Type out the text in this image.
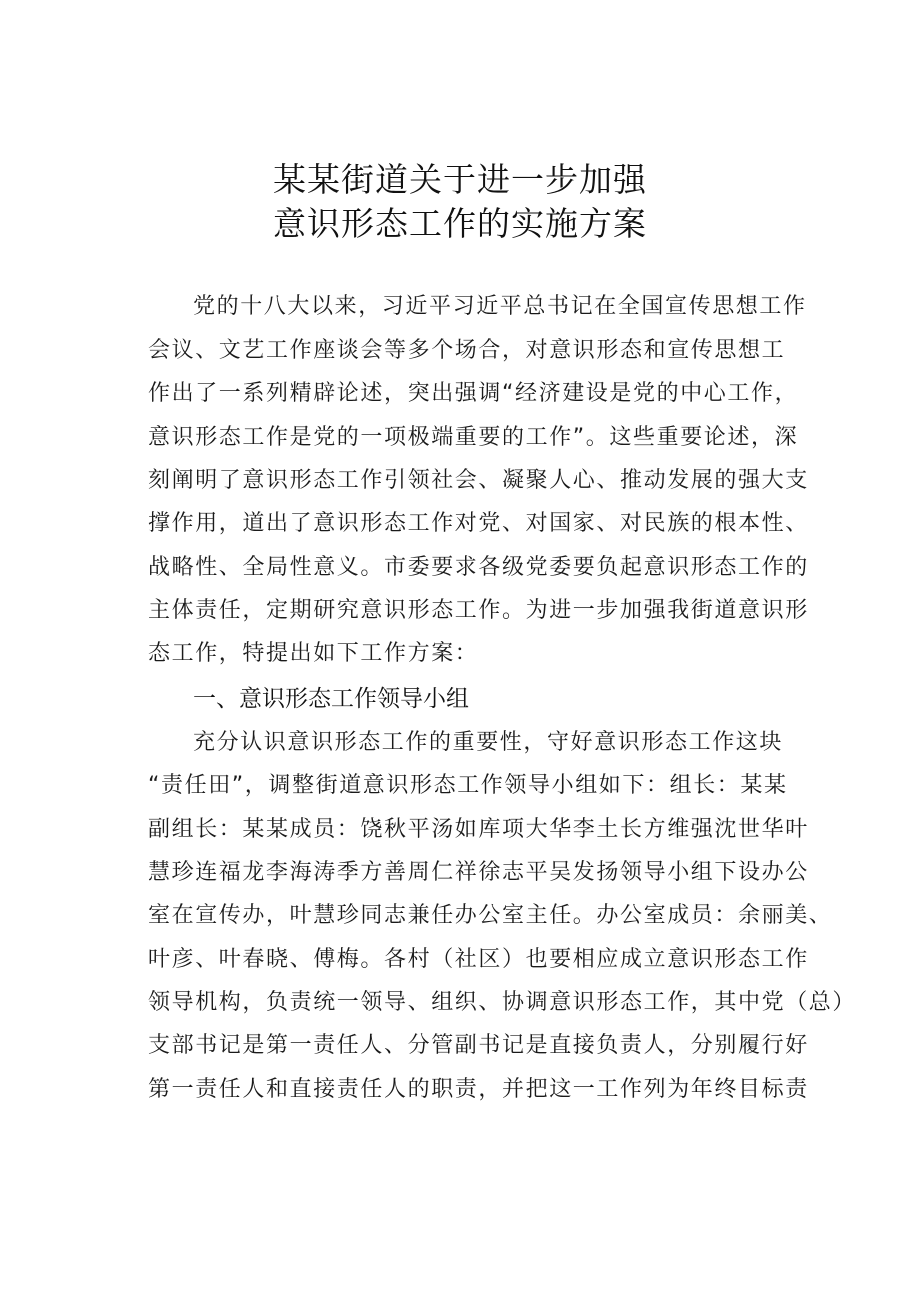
某某街道关于进一步加强
意识形态工作的实施方案
党的十八大以来，习近平习近平总书记在全国宣传思想工作
会议、文艺工作座谈会等多个场合，对意识形态和宣传思想工
作出了一系列精辟论述，突出强调“经济建设是党的中心工作，
意识形态工作是党的一项极端重要的工作”。这些重要论述，深
刻阐明了意识形态工作引领社会、凝聚人心、推动发展的强大支
撑作用，道出了意识形态工作对党、对国家、对民族的根本性、
战略性、全局性意义。市委要求各级党委要负起意识形态工作的
主体责任，定期研究意识形态工作。为进一步加强我街道意识形
态工作，特提出如下工作方案：
一、意识形态工作领导小组
充分认识意识形态工作的重要性，守好意识形态工作这块
“责任田”，调整街道意识形态工作领导小组如下：组长：某某
副组长：某某成员：饶秋平汤如库项大华李土长方维强沈世华叶
慧珍连福龙李海涛季方善周仁祥徐志平吴发扬领导小组下设办公
室在宣传办，叶慧珍同志兼任办公室主任。办公室成员：余丽美、
叶彦、叶春晓、傅梅。各村（社区）也要相应成立意识形态工作
领导机构，负责统一领导、组织、协调意识形态工作，其中党（总）
支部书记是第一责任人、分管副书记是直接负责人，分别履行好
第一责任人和直接责任人的职责，并把这一工作列为年终目标责
